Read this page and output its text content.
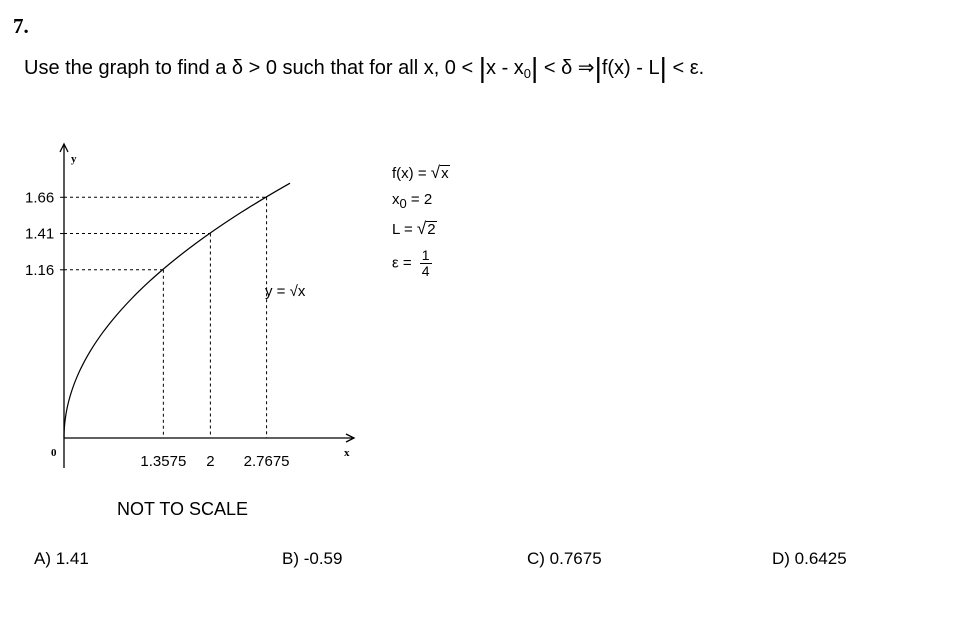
7.
Use the graph to find a δ > 0 such that for all x, $0 < |x - x_0| < \delta$ ⇒|f(x) - L| < ε.
y
x
0	1.3575 2 2.7675
1.16
1.41
1.66
y = √x
f(x) = √x
x0 = 2
L = √2
$\varepsilon = \frac{1}{4}$
NOT TO SCALE
A) 1.41	B) -0.59	C) 0.7675	D) 0.6425
